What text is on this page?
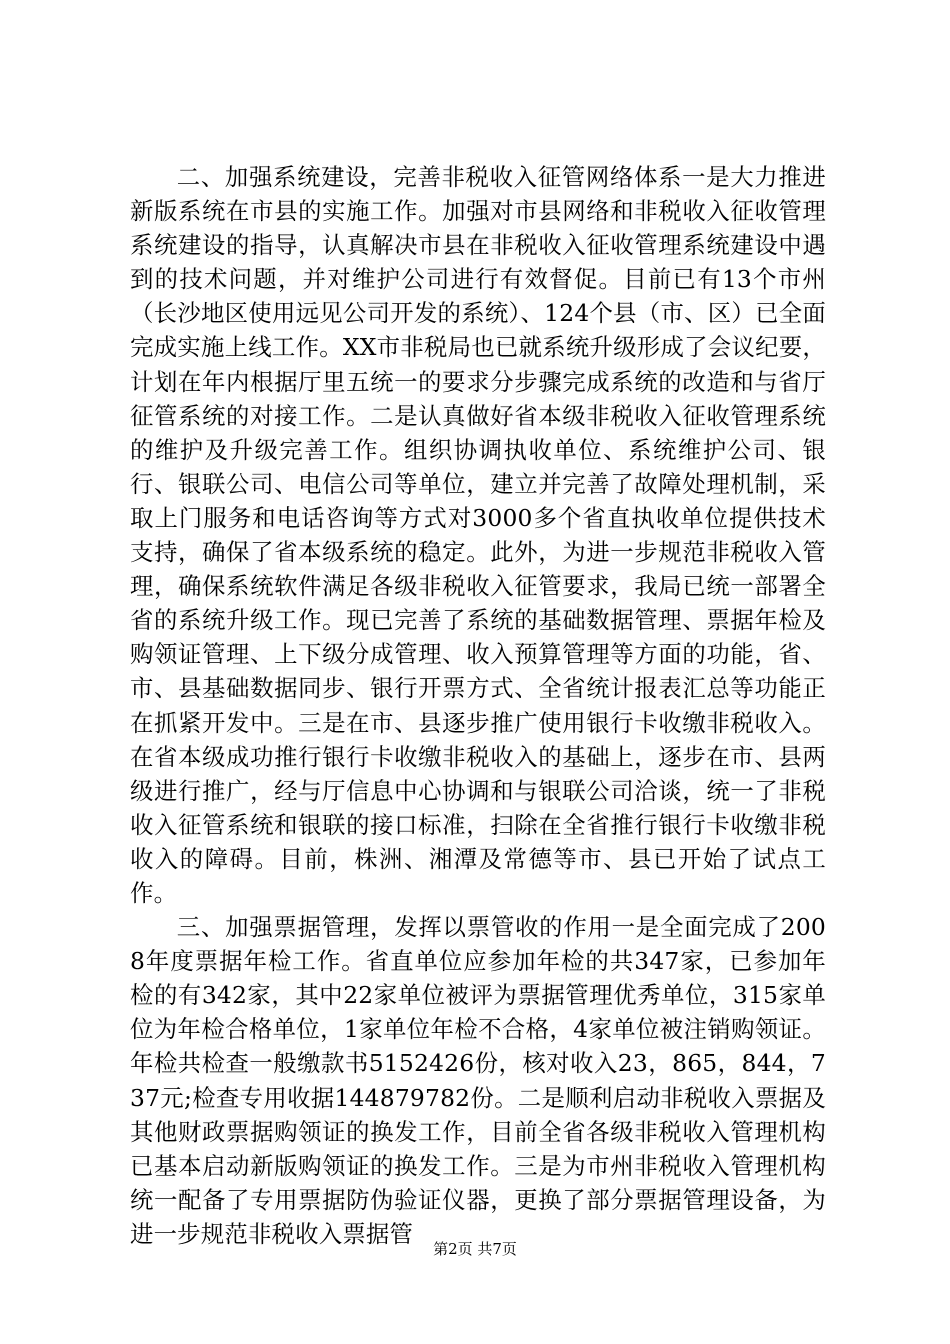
二、加强系统建设，完善非税收入征管网络体系一是大力推进新版系统在市县的实施工作。加强对市县网络和非税收入征收管理系统建设的指导，认真解决市县在非税收入征收管理系统建设中遇到的技术问题，并对维护公司进行有效督促。目前已有13个市州（长沙地区使用远见公司开发的系统）、124个县（市、区）已全面完成实施上线工作。XX市非税局也已就系统升级形成了会议纪要，计划在年内根据厅里五统一的要求分步骤完成系统的改造和与省厅征管系统的对接工作。二是认真做好省本级非税收入征收管理系统的维护及升级完善工作。组织协调执收单位、系统维护公司、银行、银联公司、电信公司等单位，建立并完善了故障处理机制，采取上门服务和电话咨询等方式对3000多个省直执收单位提供技术支持，确保了省本级系统的稳定。此外，为进一步规范非税收入管理，确保系统软件满足各级非税收入征管要求，我局已统一部署全省的系统升级工作。现已完善了系统的基础数据管理、票据年检及购领证管理、上下级分成管理、收入预算管理等方面的功能，省、市、县基础数据同步、银行开票方式、全省统计报表汇总等功能正在抓紧开发中。三是在市、县逐步推广使用银行卡收缴非税收入。在省本级成功推行银行卡收缴非税收入的基础上，逐步在市、县两级进行推广，经与厅信息中心协调和与银联公司洽谈，统一了非税收入征管系统和银联的接口标准，扫除在全省推行银行卡收缴非税收入的障碍。目前，株洲、湘潭及常德等市、县已开始了试点工作。

三、加强票据管理，发挥以票管收的作用一是全面完成了2008年度票据年检工作。省直单位应参加年检的共347家，已参加年检的有342家，其中22家单位被评为票据管理优秀单位，315家单位为年检合格单位，1家单位年检不合格，4家单位被注销购领证。年检共检查一般缴款书5152426份，核对收入23，865，844，737元;检查专用收据144879782份。二是顺利启动非税收入票据及其他财政票据购领证的换发工作，目前全省各级非税收入管理机构已基本启动新版购领证的换发工作。三是为市州非税收入管理机构统一配备了专用票据防伪验证仪器，更换了部分票据管理设备，为进一步规范非税收入票据管

第2页 共7页
